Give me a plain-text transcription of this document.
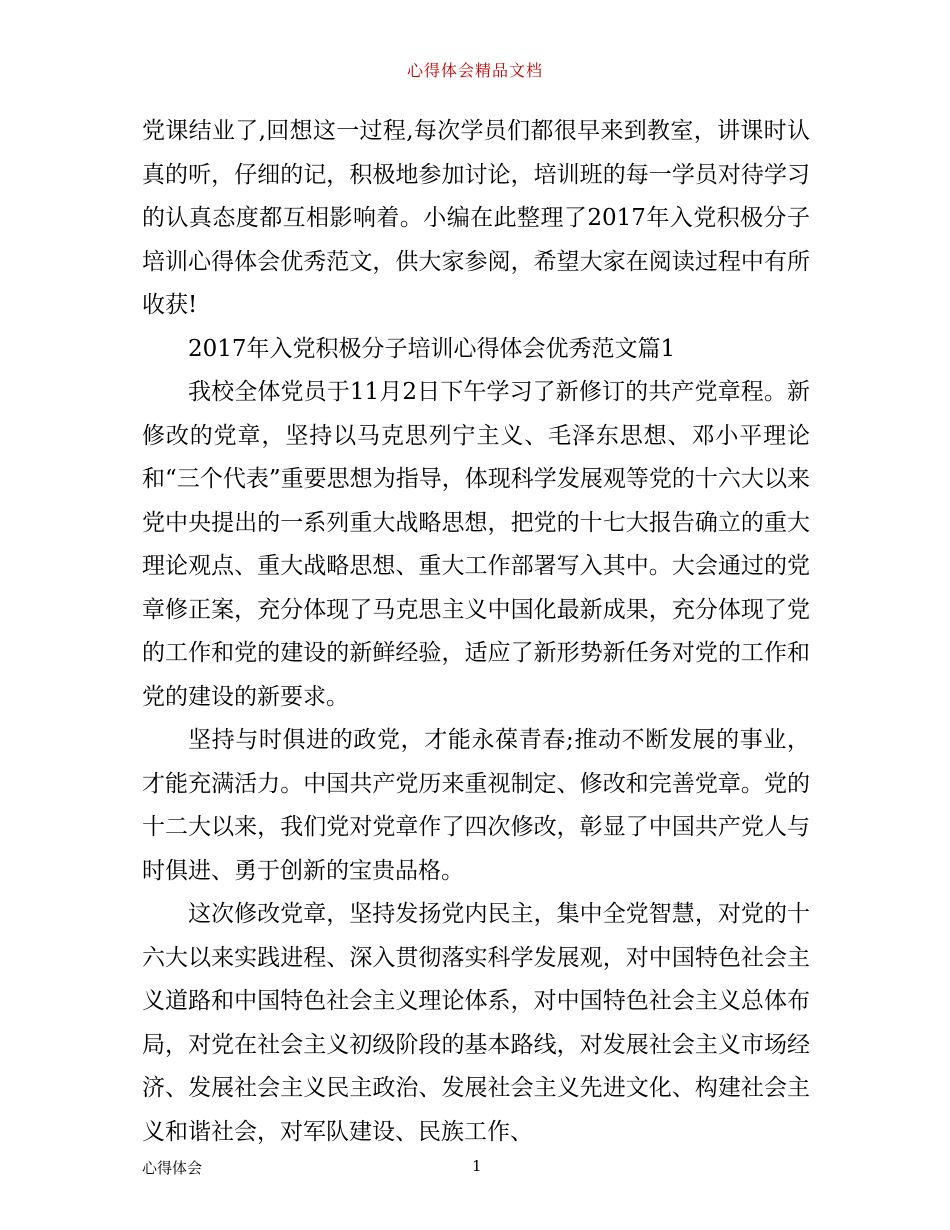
心得体会精品文档

党课结业了,回想这一过程,每次学员们都很早来到教室，讲课时认真的听，仔细的记，积极地参加讨论，培训班的每一学员对待学习的认真态度都互相影响着。小编在此整理了2017年入党积极分子培训心得体会优秀范文，供大家参阅，希望大家在阅读过程中有所收获!

2017年入党积极分子培训心得体会优秀范文篇1

我校全体党员于11月2日下午学习了新修订的共产党章程。新修改的党章，坚持以马克思列宁主义、毛泽东思想、邓小平理论和“三个代表”重要思想为指导，体现科学发展观等党的十六大以来党中央提出的一系列重大战略思想，把党的十七大报告确立的重大理论观点、重大战略思想、重大工作部署写入其中。大会通过的党章修正案，充分体现了马克思主义中国化最新成果，充分体现了党的工作和党的建设的新鲜经验，适应了新形势新任务对党的工作和党的建设的新要求。

坚持与时俱进的政党，才能永葆青春;推动不断发展的事业，才能充满活力。中国共产党历来重视制定、修改和完善党章。党的十二大以来，我们党对党章作了四次修改，彰显了中国共产党人与时俱进、勇于创新的宝贵品格。

这次修改党章，坚持发扬党内民主，集中全党智慧，对党的十六大以来实践进程、深入贯彻落实科学发展观，对中国特色社会主义道路和中国特色社会主义理论体系，对中国特色社会主义总体布局，对党在社会主义初级阶段的基本路线，对发展社会主义市场经济、发展社会主义民主政治、发展社会主义先进文化、构建社会主义和谐社会，对军队建设、民族工作、

心得体会	1
